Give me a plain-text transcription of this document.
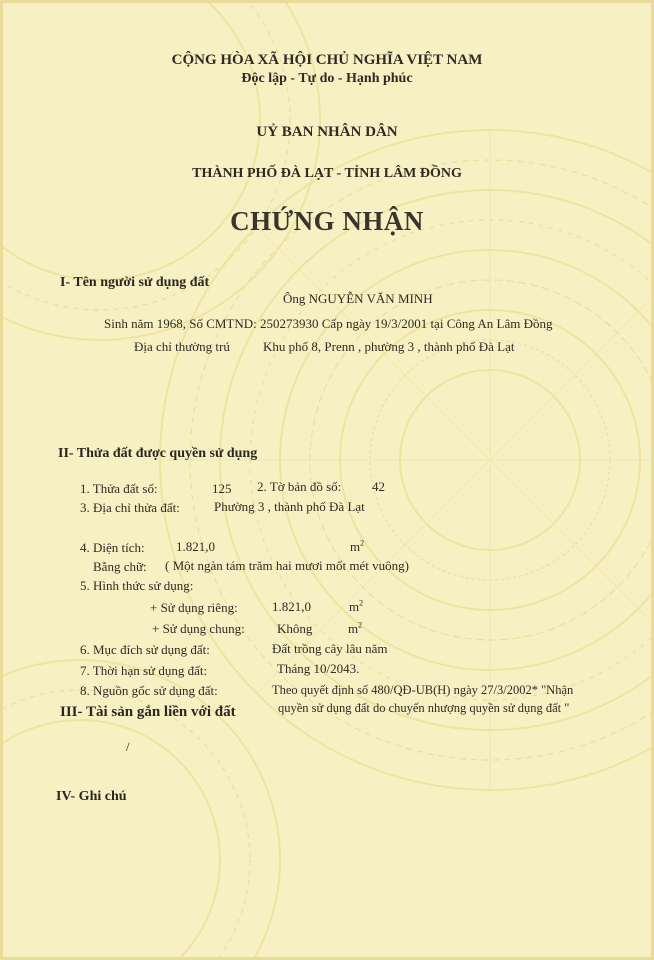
CỘNG HÒA XÃ HỘI CHỦ NGHĨA VIỆT NAM
Độc lập - Tự do - Hạnh phúc
UỶ BAN NHÂN DÂN
THÀNH PHỐ ĐÀ LẠT - TỈNH LÂM ĐỒNG
CHỨNG NHẬN
I- Tên người sử dụng đất
Ông NGUYỄN VĂN MINH
Sinh năm 1968, Số CMTND: 250273930 Cấp ngày 19/3/2001 tại Công An Lâm Đồng
Địa chỉ thường trú	Khu phố 8, Prenn , phường 3 , thành phố Đà Lạt
II- Thửa đất được quyền sử dụng
1. Thửa đất số:	125 2. Tờ bản đồ số: 42
3. Địa chỉ thửa đất:	Phường 3 , thành phố Đà Lạt
4. Diện tích: 1.821,0	$m^2$
Bằng chữ: ( Một ngàn tám trăm hai mươi mốt mét vuông)
5. Hình thức sử dụng:
+ Sử dụng riêng:	1.821,0	$m^2$
+ Sử dụng chung: Không	$m^2$
6. Mục đích sử dụng đất:	Đất trồng cây lâu năm
7. Thời hạn sử dụng đất:	Tháng 10/2043.
8. Nguồn gốc sử dụng đất:	Theo quyết định số 480/QĐ-UB(H) ngày 27/3/2002* "Nhận
quyền sử dụng đất do chuyển nhượng quyền sử dụng đất "
III- Tài sản gắn liền với đất
/
IV- Ghi chú
